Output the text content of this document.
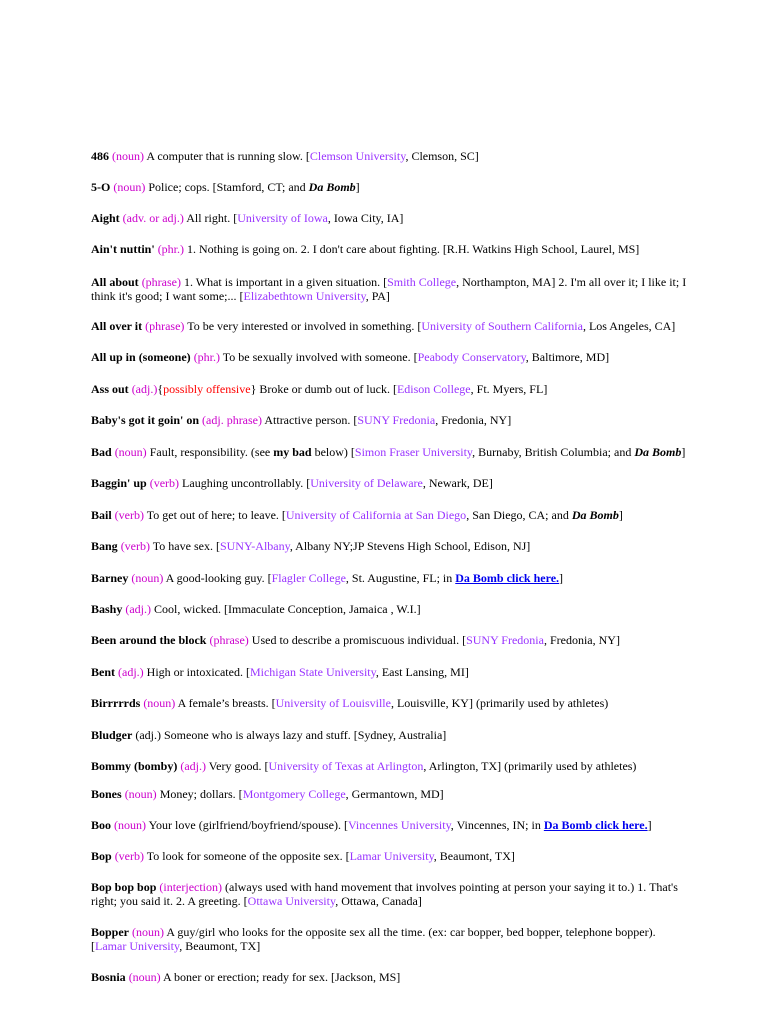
486 (noun) A computer that is running slow. [Clemson University, Clemson, SC]

5-O (noun) Police; cops. [Stamford, CT; and Da Bomb]

Aight (adv. or adj.) All right. [University of Iowa, Iowa City, IA]

Ain't nuttin' (phr.) 1. Nothing is going on. 2. I don't care about fighting. [R.H. Watkins High School, Laurel, MS]

All about (phrase) 1. What is important in a given situation. [Smith College, Northampton, MA] 2. I'm all over it; I like it; I think it's good; I want some;... [Elizabethtown University, PA]

All over it (phrase) To be very interested or involved in something. [University of Southern California, Los Angeles, CA]

All up in (someone) (phr.) To be sexually involved with someone. [Peabody Conservatory, Baltimore, MD]

Ass out (adj.){possibly offensive} Broke or dumb out of luck. [Edison College, Ft. Myers, FL]

Baby's got it goin' on (adj. phrase) Attractive person. [SUNY Fredonia, Fredonia, NY]

Bad (noun) Fault, responsibility. (see my bad below) [Simon Fraser University, Burnaby, British Columbia; and Da Bomb]

Baggin' up (verb) Laughing uncontrollably. [University of Delaware, Newark, DE]

Bail (verb) To get out of here; to leave. [University of California at San Diego, San Diego, CA; and Da Bomb]

Bang (verb) To have sex. [SUNY-Albany, Albany NY;JP Stevens High School, Edison, NJ]

Barney (noun) A good-looking guy. [Flagler College, St. Augustine, FL; in Da Bomb click here.]

Bashy (adj.) Cool, wicked. [Immaculate Conception, Jamaica , W.I.]

Been around the block (phrase) Used to describe a promiscuous individual. [SUNY Fredonia, Fredonia, NY]

Bent (adj.) High or intoxicated. [Michigan State University, East Lansing, MI]

Birrrrrds (noun) A female’s breasts. [University of Louisville, Louisville, KY] (primarily used by athletes)

Bludger (adj.) Someone who is always lazy and stuff. [Sydney, Australia]

Bommy (bomby) (adj.) Very good. [University of Texas at Arlington, Arlington, TX] (primarily used by athletes)

Bones (noun) Money; dollars. [Montgomery College, Germantown, MD]

Boo (noun) Your love (girlfriend/boyfriend/spouse). [Vincennes University, Vincennes, IN; in Da Bomb click here.]

Bop (verb) To look for someone of the opposite sex. [Lamar University, Beaumont, TX]

Bop bop bop (interjection) (always used with hand movement that involves pointing at person your saying it to.) 1. That's right; you said it. 2. A greeting. [Ottawa University, Ottawa, Canada]

Bopper (noun) A guy/girl who looks for the opposite sex all the time. (ex: car bopper, bed bopper, telephone bopper). [Lamar University, Beaumont, TX]

Bosnia (noun) A boner or erection; ready for sex. [Jackson, MS]
